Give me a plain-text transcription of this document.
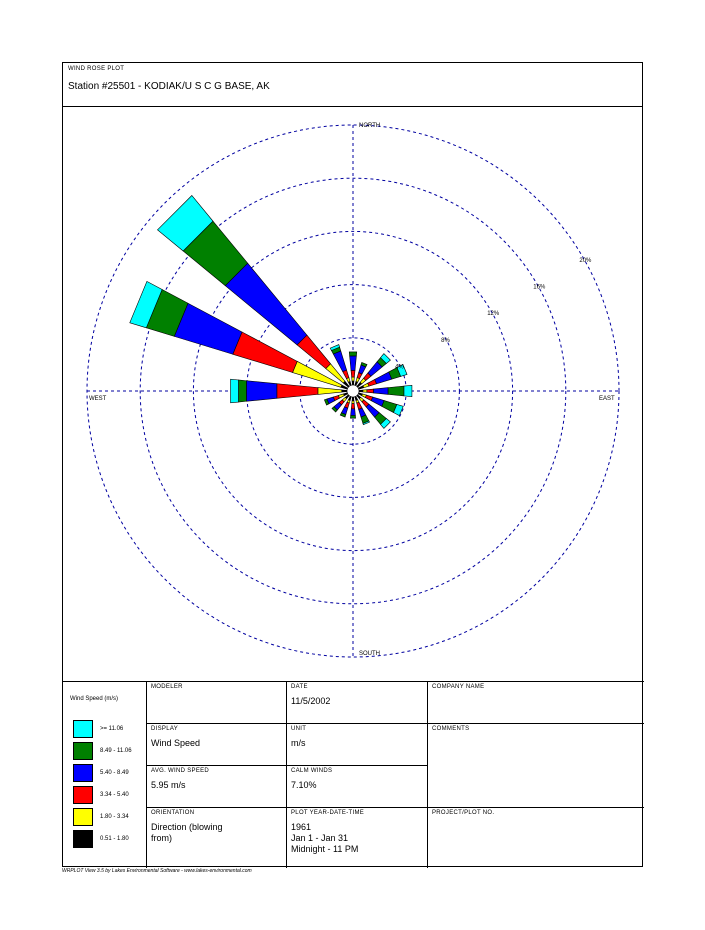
WIND ROSE PLOT
Station #25501 - KODIAK/U S C G BASE, AK
4%
8%
12%
16%
20%
NORTH
SOUTH
EAST
WEST
Wind Speed (m/s)
>= 11.06
8.49 - 11.06
5.40 - 8.49
3.34 - 5.40
1.80 - 3.34
0.51 - 1.80
MODELER	DATE
11/5/2002
COMPANY NAME
DISPLAY
Wind Speed
UNIT
m/s
COMMENTS
AVG. WIND SPEED
5.95 m/s
CALM WINDS
7.10%
ORIENTATION
Direction (blowing from)
PLOT YEAR-DATE-TIME
1961
Jan 1 - Jan 31
Midnight - 11 PM
PROJECT/PLOT NO.
WRPLOT View 3.5 by Lakes Environmental Software - www.lakes-environmental.com
